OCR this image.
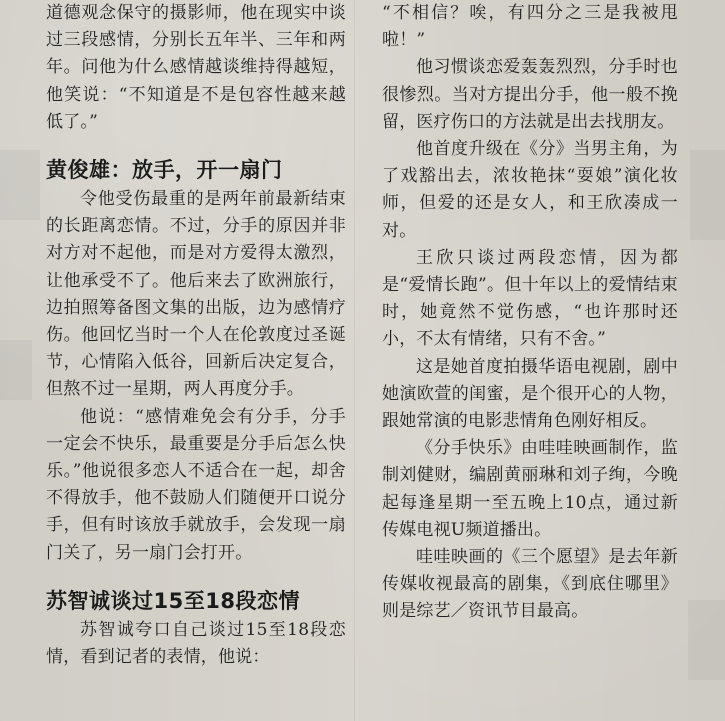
道德观念保守的摄影师，他在现实中谈过三段感情，分别长五年半、三年和两年。问他为什么感情越谈维持得越短，他笑说：“不知道是不是包容性越来越低了。”

黄俊雄：放手，开一扇门

令他受伤最重的是两年前最新结束的长距离恋情。不过，分手的原因并非对方对不起他，而是对方爱得太激烈，让他承受不了。他后来去了欧洲旅行，边拍照筹备图文集的出版，边为感情疗伤。他回忆当时一个人在伦敦度过圣诞节，心情陷入低谷，回新后决定复合，但熬不过一星期，两人再度分手。

他说：“感情难免会有分手，分手一定会不快乐，最重要是分手后怎么快乐。”他说很多恋人不适合在一起，却舍不得放手，他不鼓励人们随便开口说分手，但有时该放手就放手，会发现一扇门关了，另一扇门会打开。

苏智诚谈过15至18段恋情

苏智诚夸口自己谈过15至18段恋情，看到记者的表情，他说：

“不相信？唉，有四分之三是我被甩啦！”

他习惯谈恋爱轰轰烈烈，分手时也很惨烈。当对方提出分手，他一般不挽留，医疗伤口的方法就是出去找朋友。

他首度升级在《分》当男主角，为了戏豁出去，浓妆艳抹“耍娘”演化妆师，但爱的还是女人，和王欣凑成一对。

王欣只谈过两段恋情，因为都是“爱情长跑”。但十年以上的爱情结束时，她竟然不觉伤感，“也许那时还小，不太有情绪，只有不舍。”

这是她首度拍摄华语电视剧，剧中她演欧萱的闺蜜，是个很开心的人物，跟她常演的电影悲情角色刚好相反。

《分手快乐》由哇哇映画制作，监制刘健财，编剧黄丽琳和刘子绚，今晚起每逢星期一至五晚上10点，通过新传媒电视U频道播出。

哇哇映画的《三个愿望》是去年新传媒收视最高的剧集，《到底住哪里》则是综艺／资讯节目最高。
